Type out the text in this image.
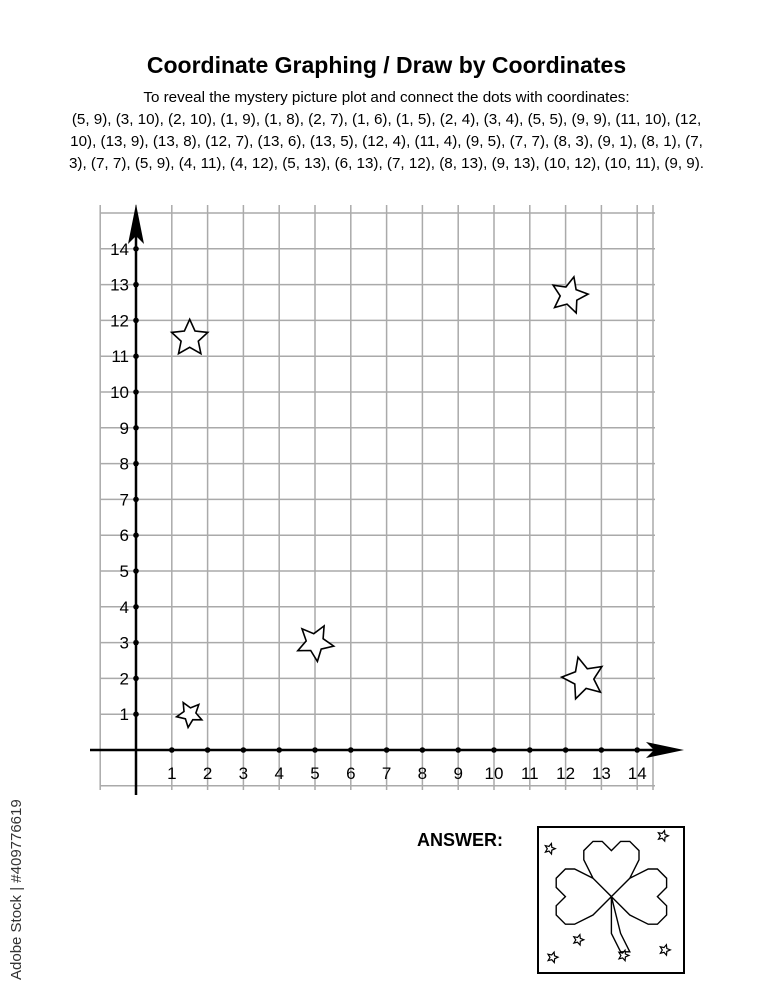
1 2 3 4 5 6 7 8 9 10 11 12 13 14
1
2
3
4
5
6
7
8
9
10
11
12
13
14
Coordinate Graphing / Draw by Coordinates
To reveal the mystery picture plot and connect the dots with coordinates:
(5, 9), (3, 10), (2, 10), (1, 9), (1, 8), (2, 7), (1, 6), (1, 5), (2, 4), (3, 4), (5, 5), (9, 9), (11, 10), (12, 10), (13, 9), (13, 8), (12, 7), (13, 6), (13, 5), (12, 4), (11, 4), (9, 5), (7, 7), (8, 3), (9, 1), (8, 1), (7, 3), (7, 7), (5, 9), (4, 11), (4, 12), (5, 13), (6, 13), (7, 12), (8, 13), (9, 13), (10, 12), (10, 11), (9, 9).
ANSWER:
Adobe Stock | #409776619
